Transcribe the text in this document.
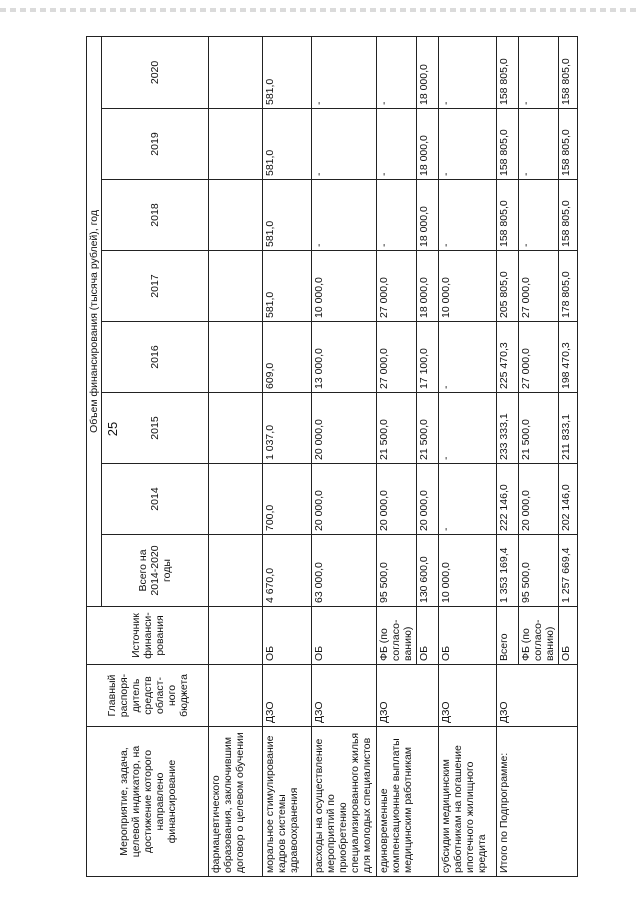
25
Мероприятие, задача, целевой индикатор, на достижение которого направлено финансирование	Главный распоря-дитель средств област-ного бюджета	Источник финанси-рования	Объем финансирования (тысяча рублей), год							
			Всего на 2014-2020 годы	2014	2015	2016	2017	2018	2019	2020
фармацевтического образования, заключившим договор о целевом обучении										
моральное стимулирование кадров системы здравоохранения	ДЗО	ОБ	4 670,0	700,0	1 037,0	609,0	581,0	581,0	581,0	581,0
расходы на осуществление мероприятий по приобретению специализированного жилья для молодых специалистов	ДЗО	ОБ	63 000,0	20 000,0	20 000,0	13 000,0	10 000,0	-	-	-
единовременные компенсационные выплаты медицинским работникам	ДЗО	ФБ (по согласо-ванию)	95 500,0	20 000,0	21 500,0	27 000,0	27 000,0	-	-	-
		ОБ	130 600,0	20 000,0	21 500,0	17 100,0	18 000,0	18 000,0	18 000,0	18 000,0
субсидии медицинским работникам на погашение ипотечного жилищного кредита	ДЗО	ОБ	10 000,0	-	-	-	10 000,0	-	-	-
Итого по Подпрограмме:	ДЗО	Всего	1 353 169,4	222 146,0	233 333,1	225 470,3	205 805,0	158 805,0	158 805,0	158 805,0
		ФБ (по согласо-ванию)	95 500,0	20 000,0	21 500,0	27 000,0	27 000,0	-	-	-
		ОБ	1 257 669,4	202 146,0	211 833,1	198 470,3	178 805,0	158 805,0	158 805,0	158 805,0
